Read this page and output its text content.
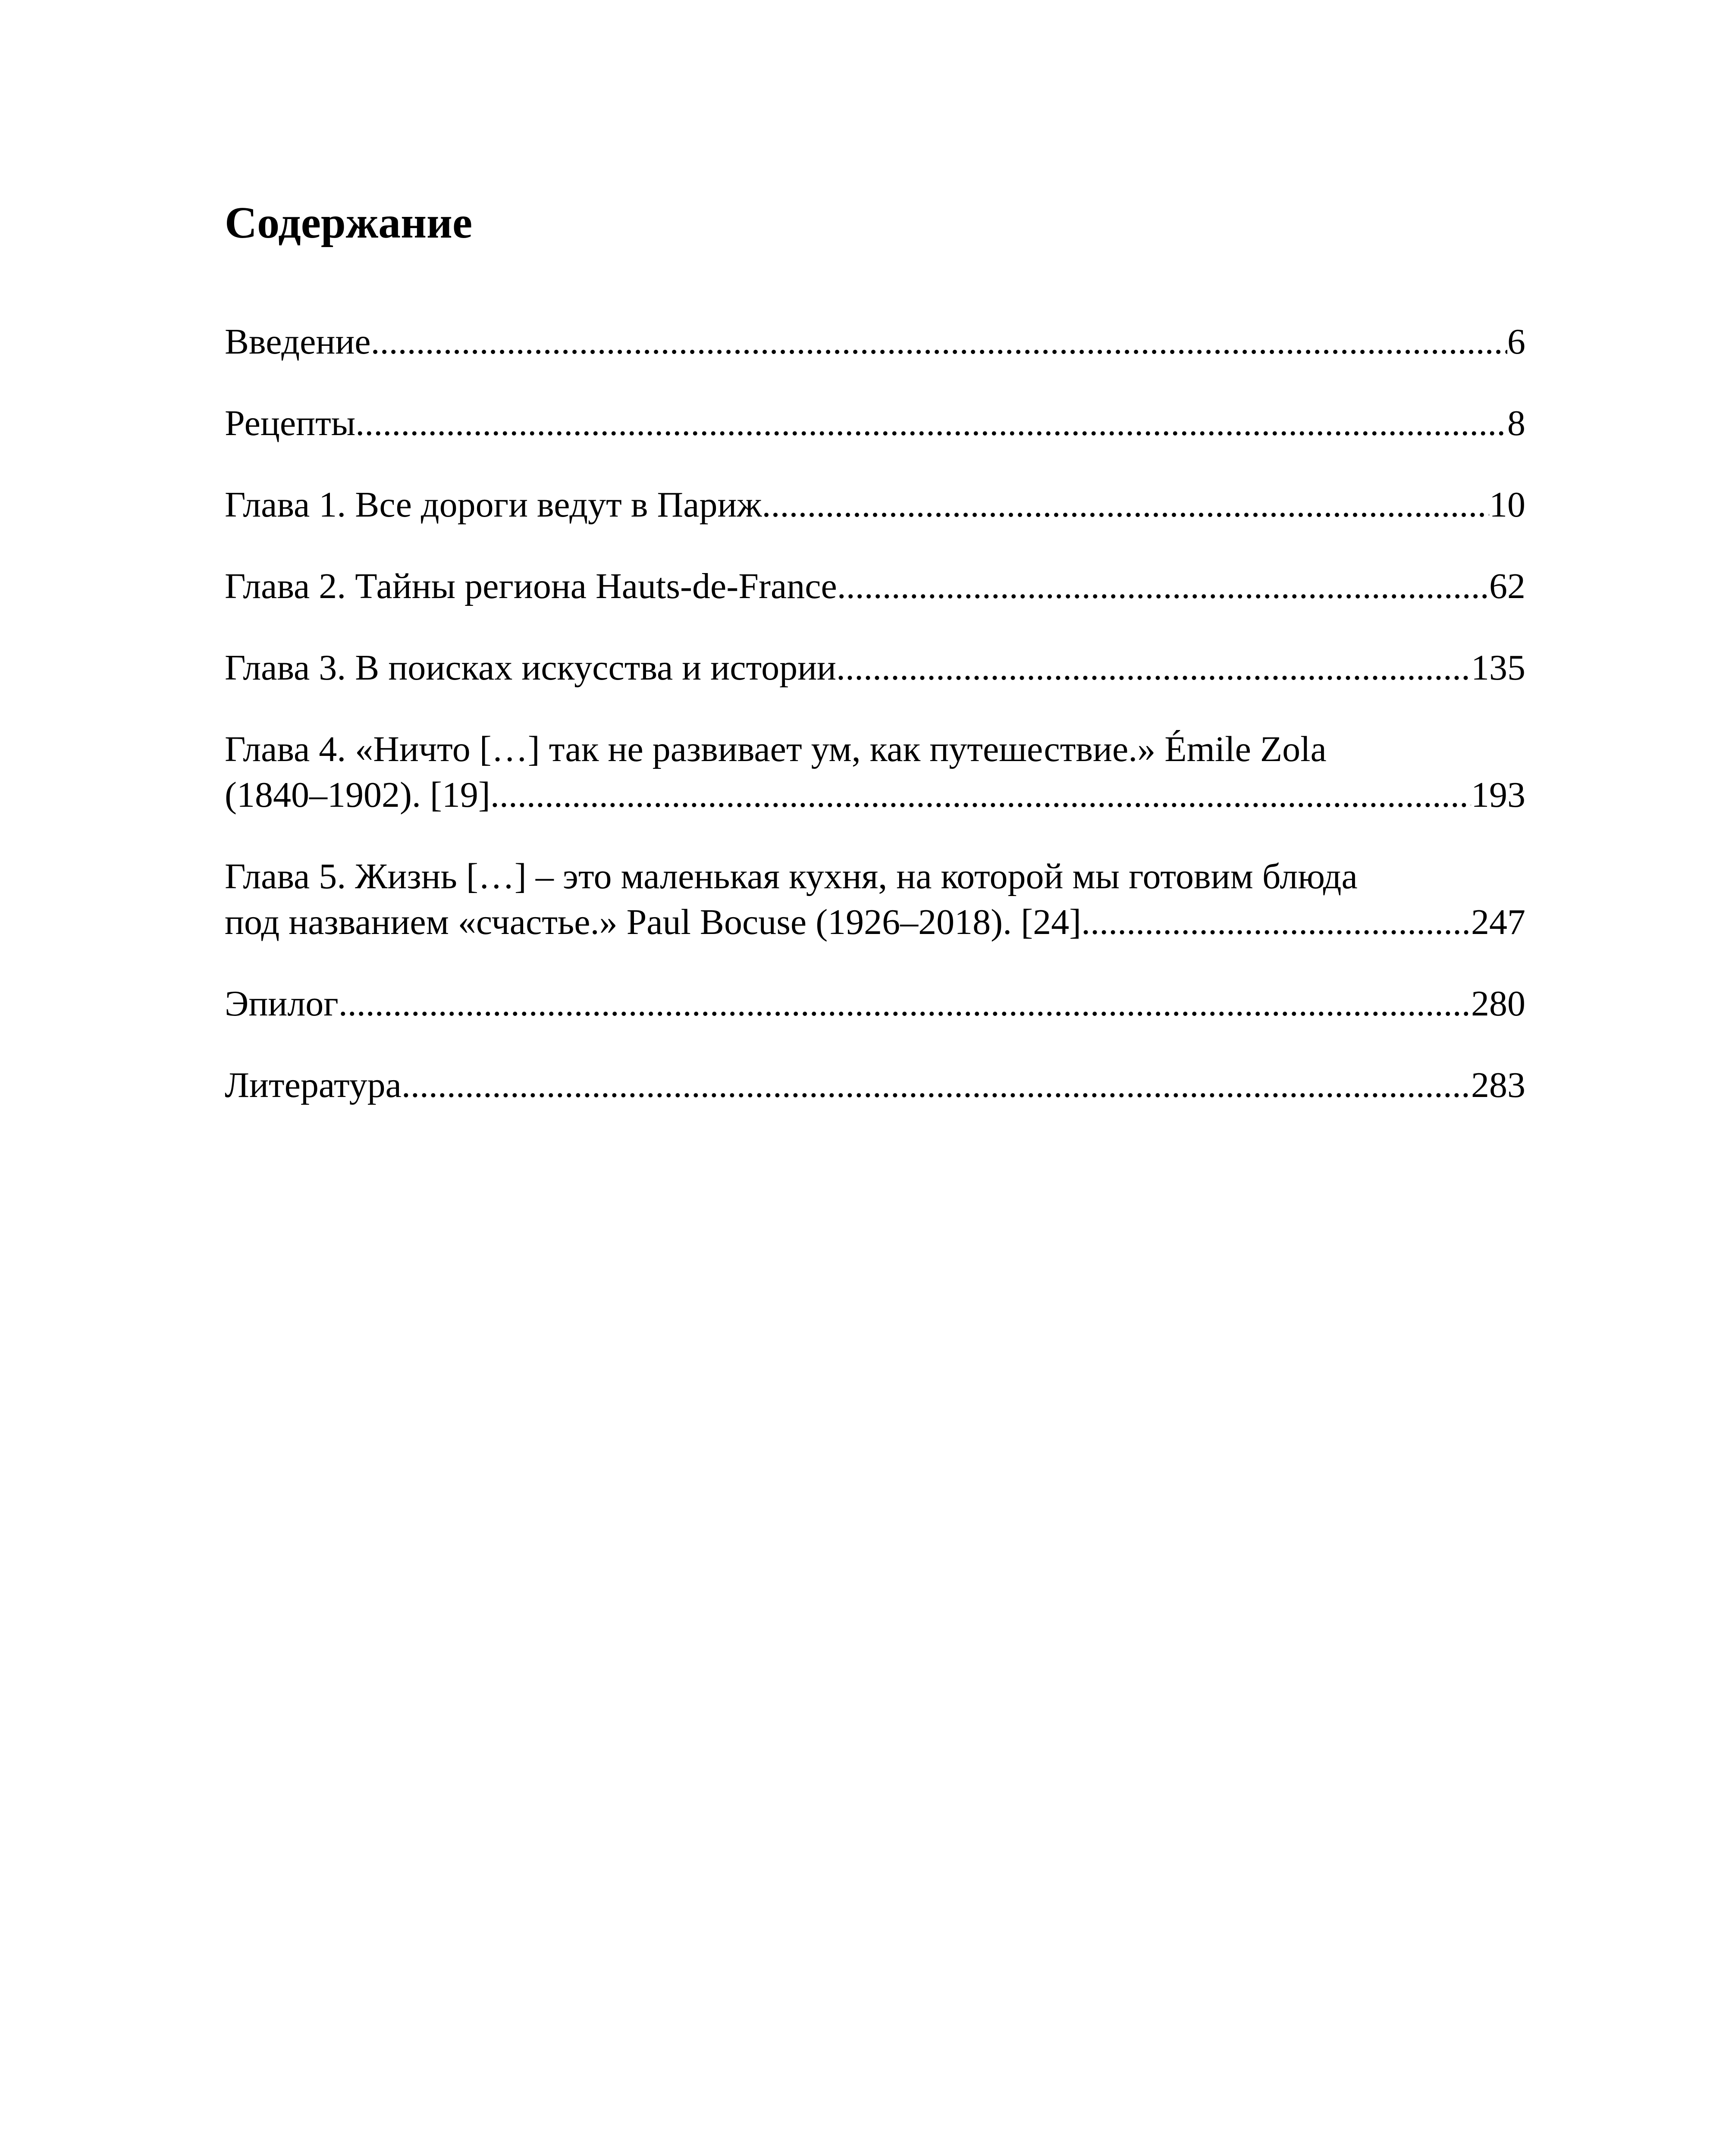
Содержание
Введение .....	6
Рецепты .....	8
Глава 1. Все дороги ведут в Париж. .....	10
Глава 2. Тайны региона Hauts-de-France. .....	62
Глава 3. В поисках искусства и истории. .....	135
Глава 4. «Ничто […] так не развивает ум, как путешествие.» Émile Zola
(1840–1902). [19] .....	193
Глава 5. Жизнь […] – это маленькая кухня, на которой мы готовим блюда
под названием «счастье.» Paul Bocuse (1926–2018). [24] .....	247
Эпилог .....	280
Литература .....	283
